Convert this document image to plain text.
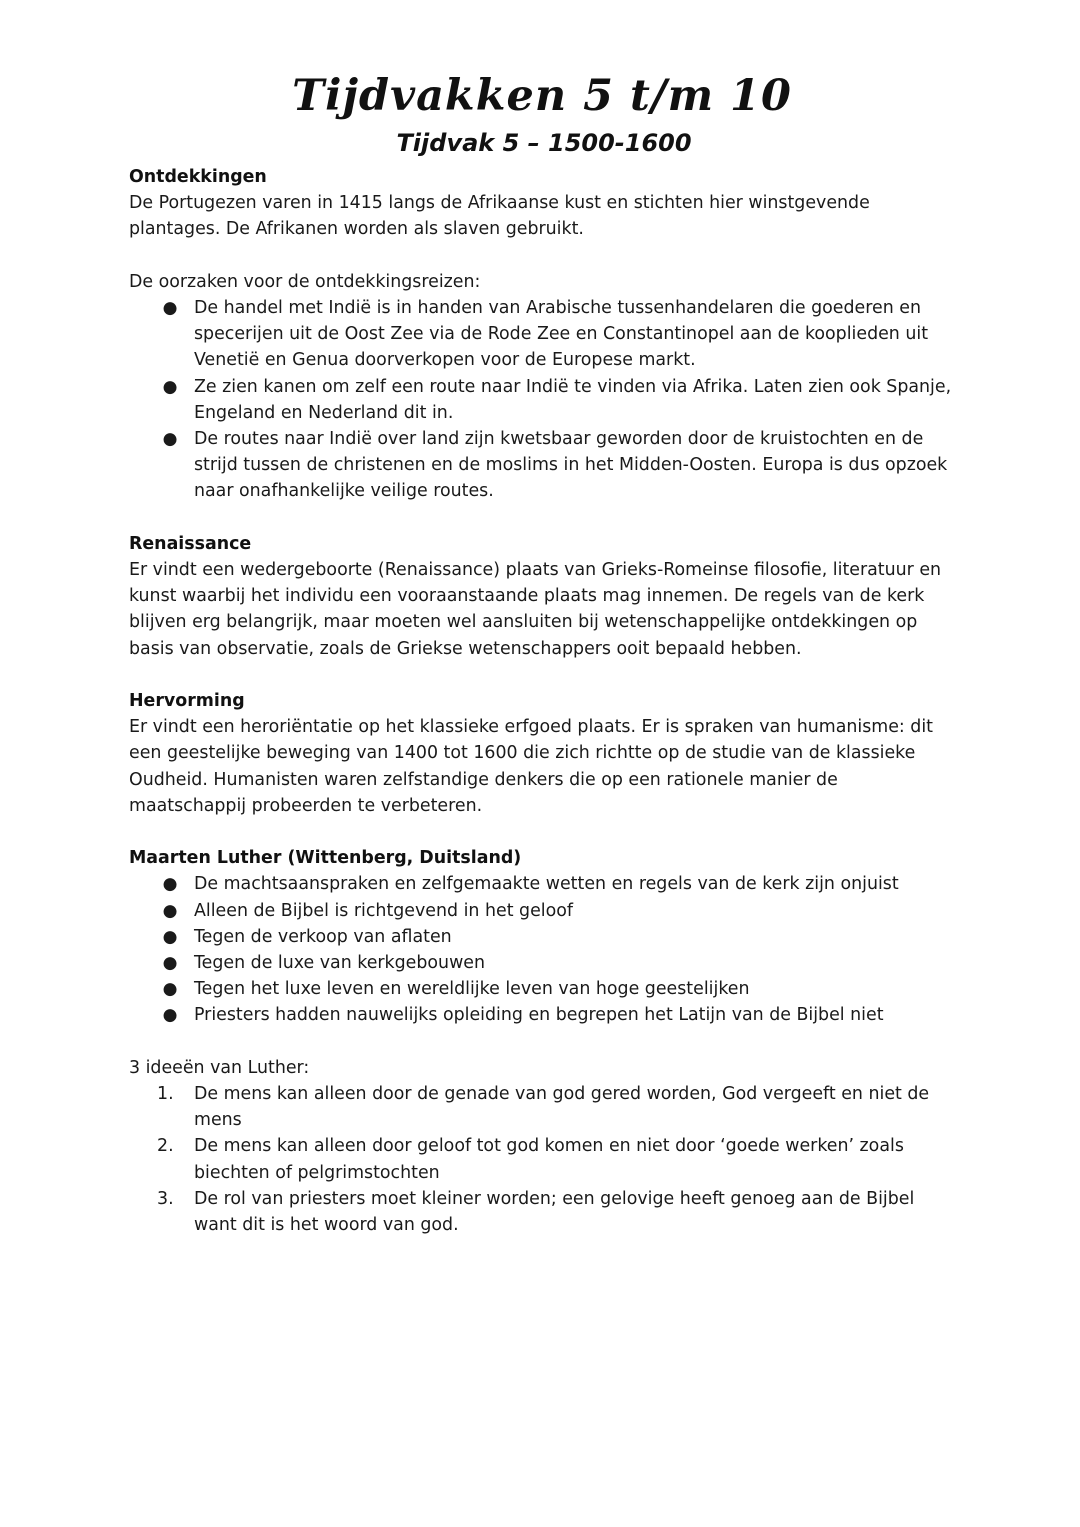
Tijdvakken 5 t/m 10
Tijdvak 5 – 1500-1600

Ontdekkingen

De Portugezen varen in 1415 langs de Afrikaanse kust en stichten hier winstgevende plantages. De Afrikanen worden als slaven gebruikt.

De oorzaken voor de ontdekkingsreizen:

● De handel met Indië is in handen van Arabische tussenhandelaren die goederen en specerijen uit de Oost Zee via de Rode Zee en Constantinopel aan de kooplieden uit Venetië en Genua doorverkopen voor de Europese markt.
● Ze zien kanen om zelf een route naar Indië te vinden via Afrika. Laten zien ook Spanje, Engeland en Nederland dit in.
● De routes naar Indië over land zijn kwetsbaar geworden door de kruistochten en de strijd tussen de christenen en de moslims in het Midden-Oosten. Europa is dus opzoek naar onafhankelijke veilige routes.

Renaissance

Er vindt een wedergeboorte (Renaissance) plaats van Grieks-Romeinse filosofie, literatuur en kunst waarbij het individu een vooraanstaande plaats mag innemen. De regels van de kerk blijven erg belangrijk, maar moeten wel aansluiten bij wetenschappelijke ontdekkingen op basis van observatie, zoals de Griekse wetenschappers ooit bepaald hebben.

Hervorming

Er vindt een heroriëntatie op het klassieke erfgoed plaats. Er is spraken van humanisme: dit een geestelijke beweging van 1400 tot 1600 die zich richtte op de studie van de klassieke Oudheid. Humanisten waren zelfstandige denkers die op een rationele manier de maatschappij probeerden te verbeteren.

Maarten Luther (Wittenberg, Duitsland)

● De machtsaanspraken en zelfgemaakte wetten en regels van de kerk zijn onjuist
● Alleen de Bijbel is richtgevend in het geloof
● Tegen de verkoop van aflaten
● Tegen de luxe van kerkgebouwen
● Tegen het luxe leven en wereldlijke leven van hoge geestelijken
● Priesters hadden nauwelijks opleiding en begrepen het Latijn van de Bijbel niet

3 ideeën van Luther:

1.	De mens kan alleen door de genade van god gered worden, God vergeeft en niet de mens
2.	De mens kan alleen door geloof tot god komen en niet door ‘goede werken’ zoals biechten of pelgrimstochten
3.	De rol van priesters moet kleiner worden; een gelovige heeft genoeg aan de Bijbel want dit is het woord van god.
